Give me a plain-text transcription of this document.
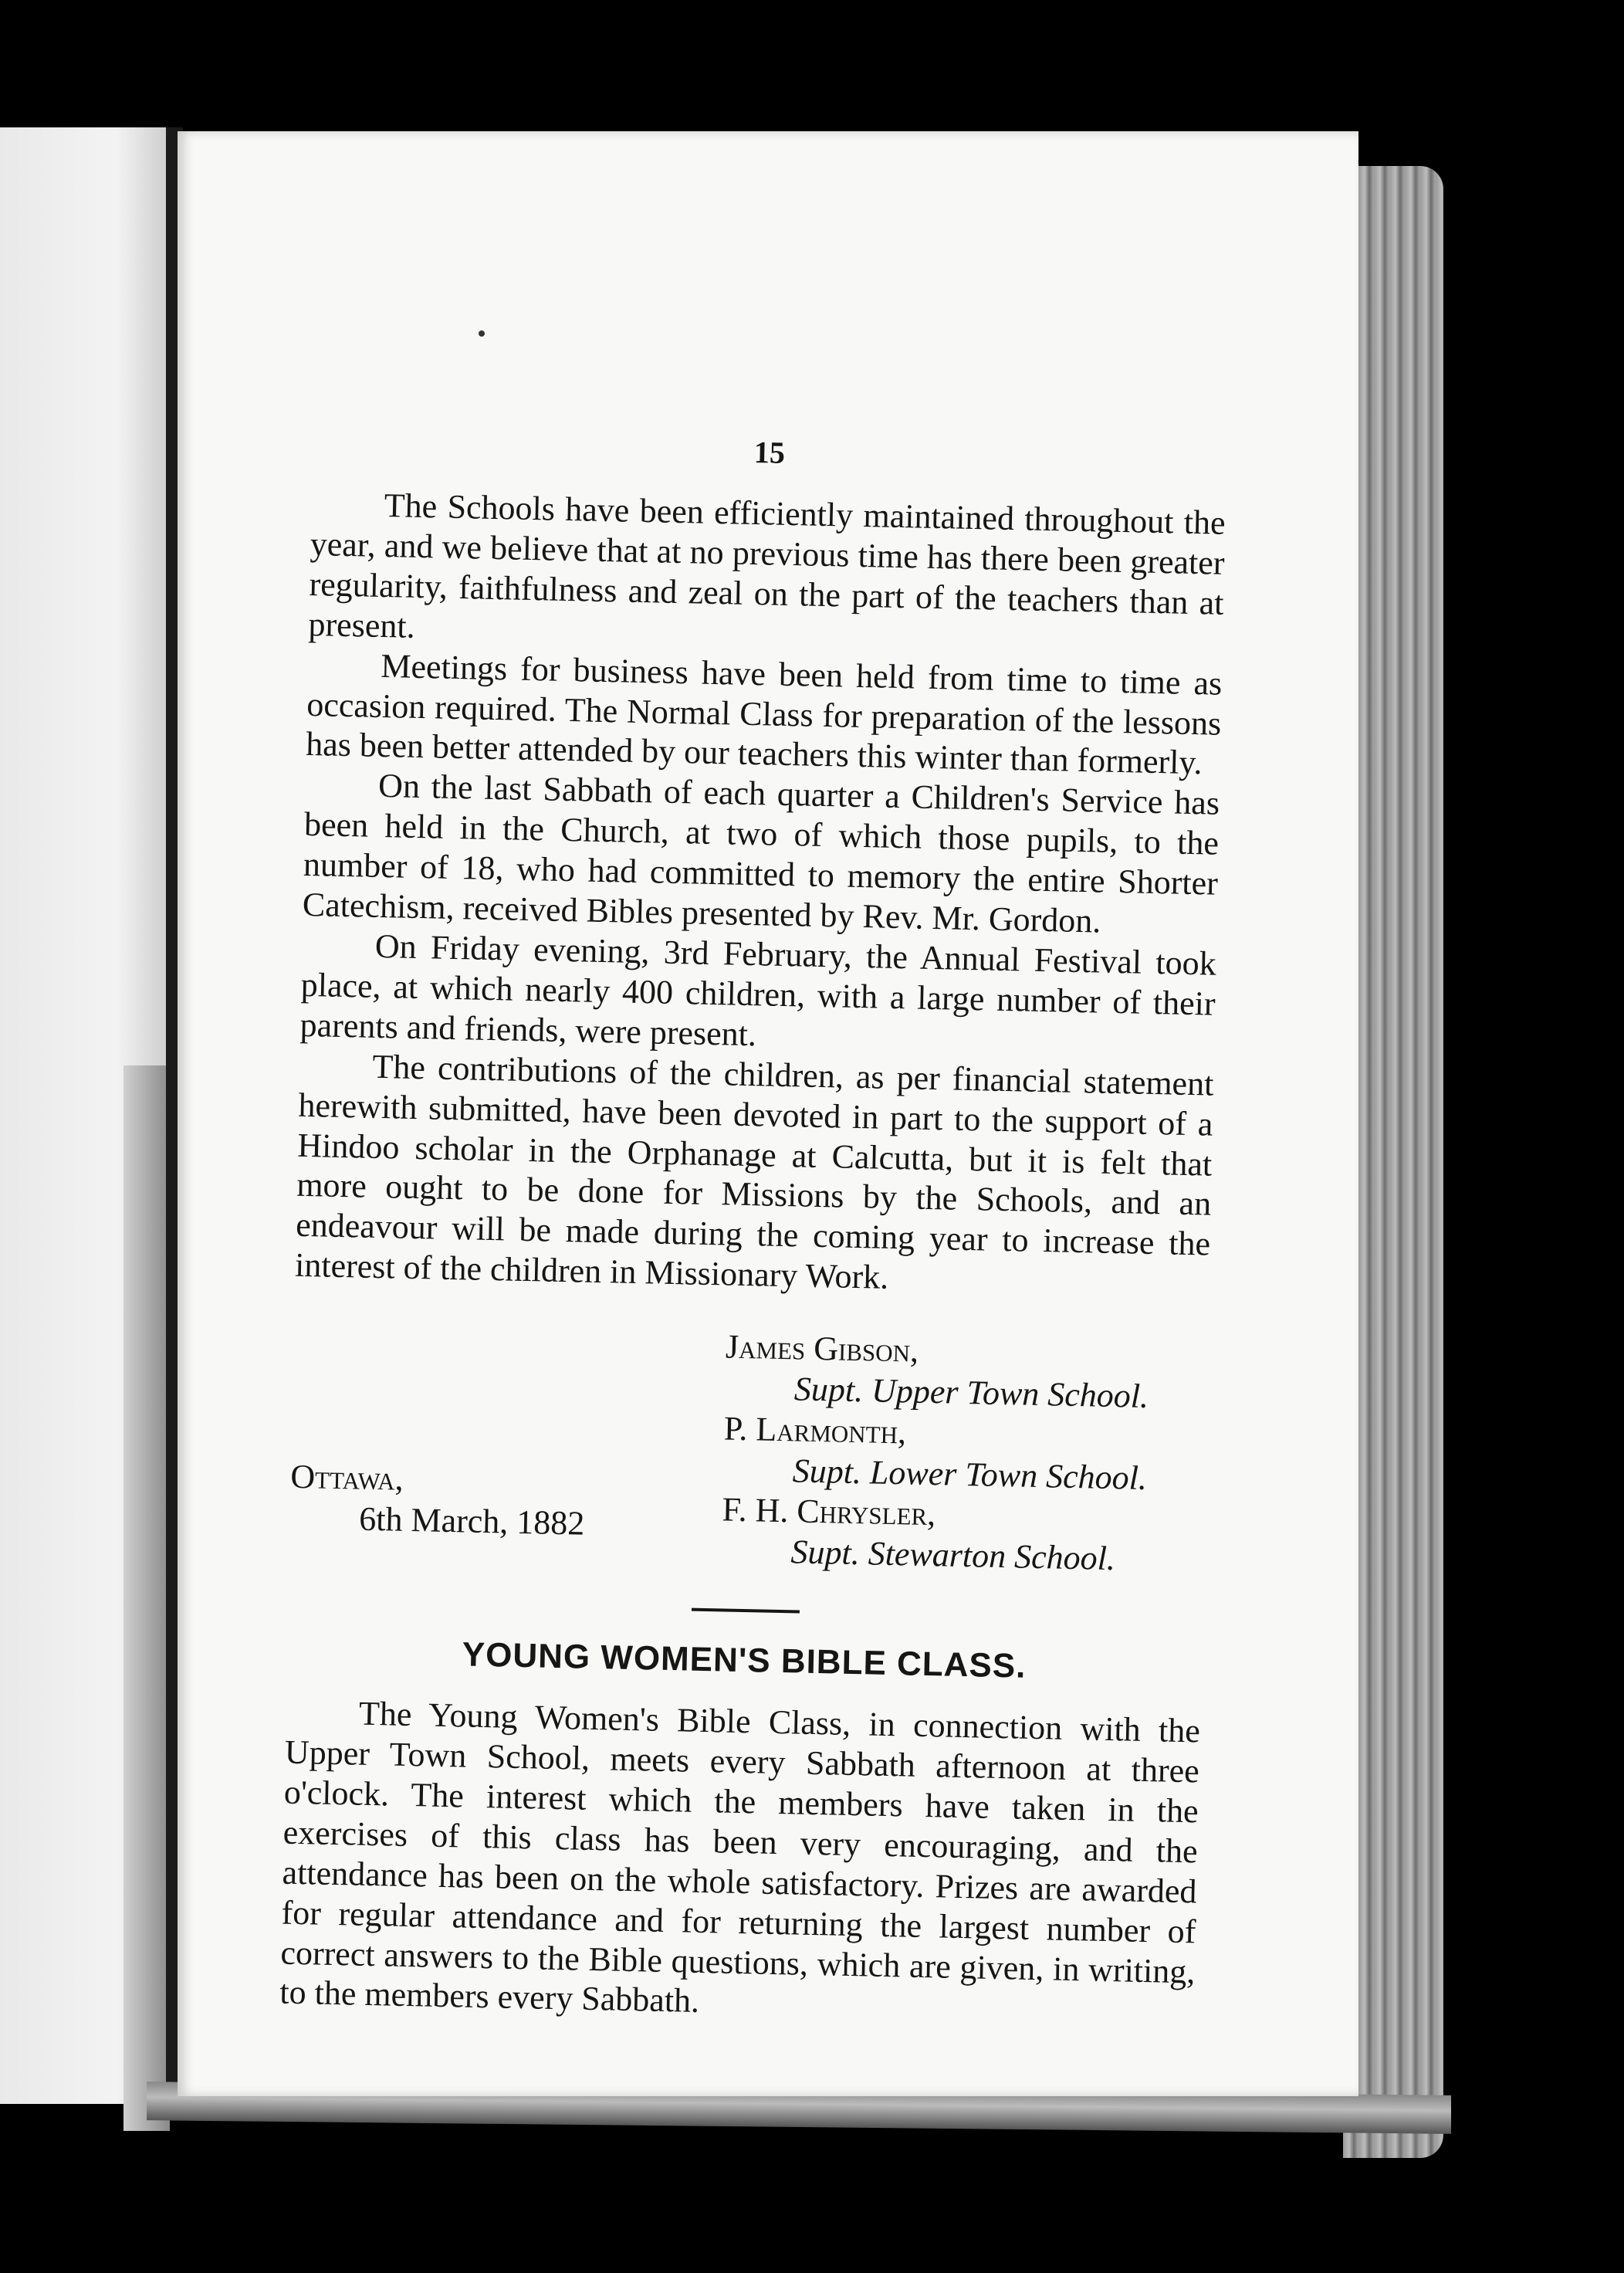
15

The Schools have been efficiently maintained throughout the year, and we believe that at no previous time has there been greater regularity, faithfulness and zeal on the part of the teachers than at present.

Meetings for business have been held from time to time as occasion required. The Normal Class for preparation of the lessons has been better attended by our teachers this winter than formerly.

On the last Sabbath of each quarter a Children's Service has been held in the Church, at two of which those pupils, to the number of 18, who had committed to memory the entire Shorter Catechism, received Bibles presented by Rev. Mr. Gordon.

On Friday evening, 3rd February, the Annual Festival took place, at which nearly 400 children, with a large number of their parents and friends, were present.

The contributions of the children, as per financial statement herewith submitted, have been devoted in part to the support of a Hindoo scholar in the Orphanage at Calcutta, but it is felt that more ought to be done for Missions by the Schools, and an endeavour will be made during the coming year to increase the interest of the children in Missionary Work.

James Gibson,
Supt. Upper Town School.
P. Larmonth,
Supt. Lower Town School.
F. H. Chrysler,
Supt. Stewarton School.
Ottawa,
6th March, 1882
YOUNG WOMEN'S BIBLE CLASS.

The Young Women's Bible Class, in connection with the Upper Town School, meets every Sabbath afternoon at three o'clock. The interest which the members have taken in the exercises of this class has been very encouraging, and the attendance has been on the whole satisfactory. Prizes are awarded for regular attendance and for returning the largest number of correct answers to the Bible questions, which are given, in writing, to the members every Sabbath.
